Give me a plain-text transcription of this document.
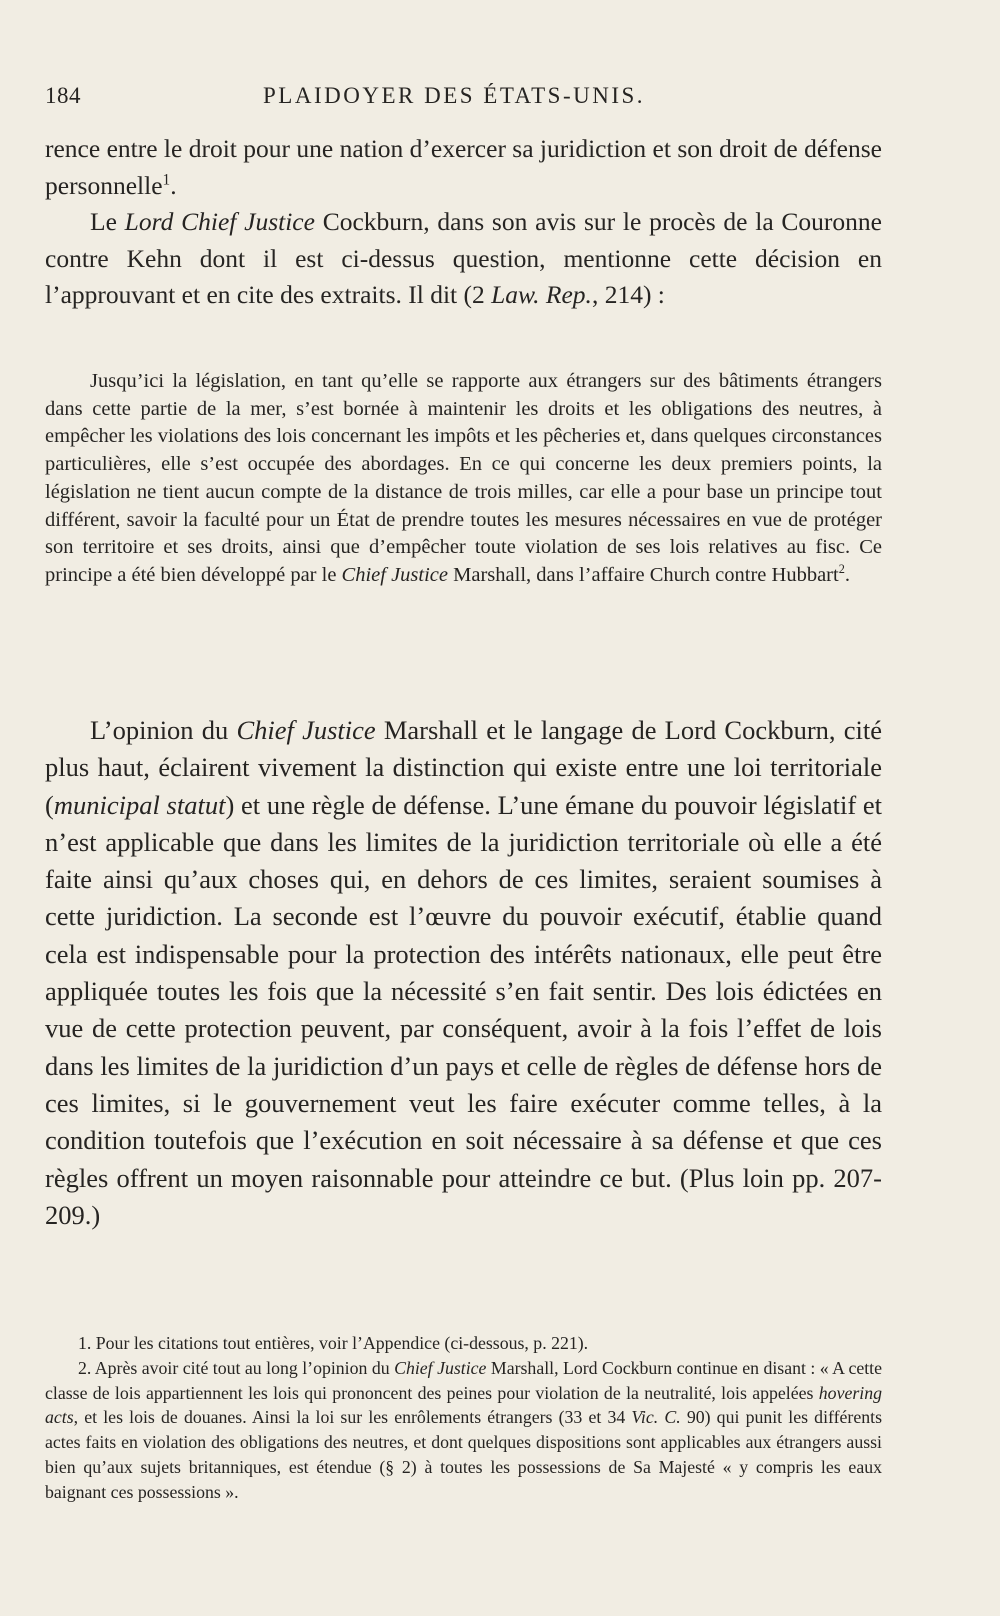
184	PLAIDOYER DES ÉTATS-UNIS.

rence entre le droit pour une nation d’exercer sa juridiction et son droit de défense personnelle$^1$.

Le Lord Chief Justice Cockburn, dans son avis sur le procès de la Couronne contre Kehn dont il est ci-dessus question, mentionne cette décision en l’approuvant et en cite des extraits. Il dit (2 Law. Rep., 214) :

Jusqu’ici la législation, en tant qu’elle se rapporte aux étrangers sur des bâtiments étrangers dans cette partie de la mer, s’est bornée à maintenir les droits et les obligations des neutres, à empêcher les violations des lois concernant les impôts et les pêcheries et, dans quelques circonstances particulières, elle s’est occupée des abordages. En ce qui concerne les deux premiers points, la législation ne tient aucun compte de la distance de trois milles, car elle a pour base un principe tout différent, savoir la faculté pour un État de prendre toutes les mesures nécessaires en vue de protéger son territoire et ses droits, ainsi que d’empêcher toute violation de ses lois relatives au fisc. Ce principe a été bien développé par le Chief Justice Marshall, dans l’affaire Church contre Hubbart$^2$.

L’opinion du Chief Justice Marshall et le langage de Lord Cockburn, cité plus haut, éclairent vivement la distinction qui existe entre une loi territoriale (municipal statut) et une règle de défense. L’une émane du pouvoir législatif et n’est applicable que dans les limites de la juridiction territoriale où elle a été faite ainsi qu’aux choses qui, en dehors de ces limites, seraient soumises à cette juridiction. La seconde est l’œuvre du pouvoir exécutif, établie quand cela est indispensable pour la protection des intérêts nationaux, elle peut être appliquée toutes les fois que la nécessité s’en fait sentir. Des lois édictées en vue de cette protection peuvent, par conséquent, avoir à la fois l’effet de lois dans les limites de la juridiction d’un pays et celle de règles de défense hors de ces limites, si le gouvernement veut les faire exécuter comme telles, à la condition toutefois que l’exécution en soit nécessaire à sa défense et que ces règles offrent un moyen raisonnable pour atteindre ce but. (Plus loin pp. 207-209.)

1. Pour les citations tout entières, voir l’Appendice (ci-dessous, p. 221).

2. Après avoir cité tout au long l’opinion du Chief Justice Marshall, Lord Cockburn continue en disant : « A cette classe de lois appartiennent les lois qui prononcent des peines pour violation de la neutralité, lois appelées hovering acts, et les lois de douanes. Ainsi la loi sur les enrôlements étrangers (33 et 34 Vic. C. 90) qui punit les différents actes faits en violation des obligations des neutres, et dont quelques dispositions sont applicables aux étrangers aussi bien qu’aux sujets britanniques, est étendue (§ 2) à toutes les possessions de Sa Majesté « y compris les eaux baignant ces possessions ».
